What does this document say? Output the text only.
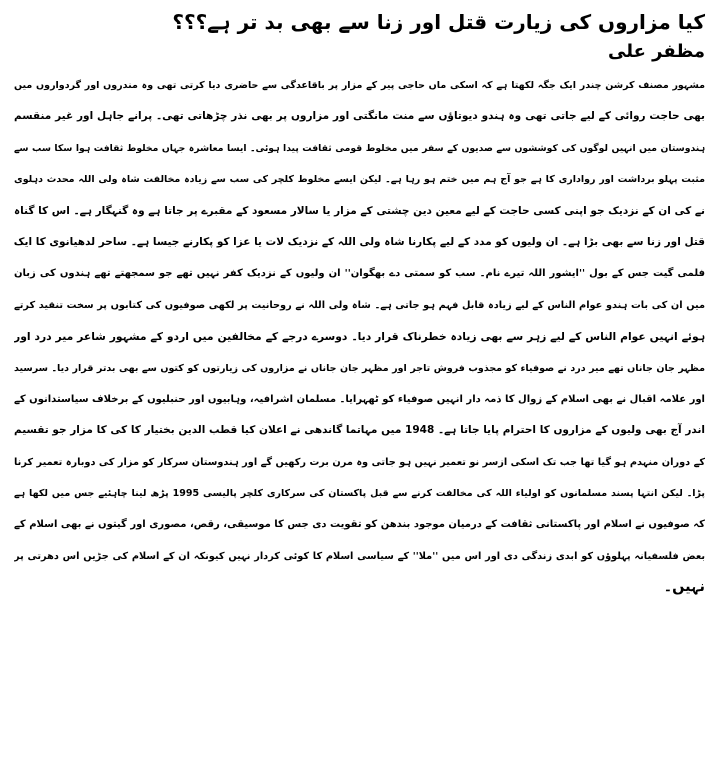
کیا مزاروں کی زیارت قتل اور زنا سے بھی بد تر ہے؟؟؟
مظفر علی
مشہور مصنف کرشن چندر ایک جگہ لکھتا ہے کہ اسکی ماں حاجی پیر کے مزار پر باقاعدگی سے حاضری دیا کرتی تھی وہ مندروں اور گردواروں میں
بھی حاجت روائی کے لیے جاتی تھی وہ ہندو دیوتاؤں سے منت مانگتی اور مزاروں پر بھی نذر چڑھاتی تھی۔ پرانے جاہل اور غیر منقسم
ہندوستان میں انہیں لوگوں کی کوششوں سے صدیوں کے سفر میں مخلوط قومی ثقافت پیدا ہوئی۔ ایسا معاشرہ جہاں مخلوط ثقافت ہوا سکا سب سے
مثبت پہلو برداشت اور رواداری کا ہے جو آج ہم میں ختم ہو رہا ہے۔ لیکن ایسے مخلوط کلچر کی سب سے زیادہ مخالفت شاہ ولی اللہ محدث دہلوی
نے کی ان کے نزدیک جو اپنی کسی حاجت کے لیے معین دین چشتی کے مزار یا سالار مسعود کے مقبرے پر جاتا ہے وہ گنہگار ہے۔ اس کا گناہ
قتل اور زنا سے بھی بڑا ہے۔ ان ولیوں کو مدد کے لیے پکارنا شاہ ولی اللہ کے نزدیک لات یا عزا کو پکارنے جیسا ہے۔ ساحر لدھیانوی کا ایک
فلمی گیت جس کے بول ''ایشور اللہ تیرے نام۔ سب کو سمتی دے بھگوان'' ان ولیوں کے نزدیک کفر نہیں تھے جو سمجھتے تھے ہندوں کی زبان
میں ان کی بات ہندو عوام الناس کے لیے زیادہ قابل فہم ہو جاتی ہے۔ شاہ ولی اللہ نے روحانیت پر لکھی صوفیوں کی کتابوں پر سخت تنقید کرتے
ہوئے انہیں عوام الناس کے لیے زہر سے بھی زیادہ خطرناک قرار دیا۔ دوسرے درجے کے مخالفین میں اردو کے مشہور شاعر میر درد اور
مظہر جان جاناں تھے میر درد نے صوفیاء کو مجذوب فروش تاجر اور مظہر جان جاناں نے مزاروں کی زیارتوں کو کتوں سے بھی بدتر قرار دیا۔ سرسید
اور علامہ اقبال نے بھی اسلام کے زوال کا ذمہ دار انہیں صوفیاء کو ٹھہرایا۔ مسلمان اشرافیہ، وہابیوں اور حنبلیوں کے برخلاف سیاستدانوں کے
اندر آج بھی ولیوں کے مزاروں کا احترام پایا جاتا ہے۔ 1948 میں مہاتما گاندھی نے اعلان کیا قطب الدین بختیار کا کی کا مزار جو تقسیم
کے دوران منہدم ہو گیا تھا جب تک اسکی ازسر نو تعمیر نہیں ہو جاتی وہ مرن برت رکھیں گے اور ہندوستان سرکار کو مزار کی دوبارہ تعمیر کرنا
پڑا۔ لیکن انتہا پسند مسلمانوں کو اولیاء اللہ کی مخالفت کرنے سے قبل پاکستان کی سرکاری کلچر پالیسی 1995 پڑھ لینا چاہئیے جس میں لکھا ہے
کہ صوفیوں نے اسلام اور پاکستانی ثقافت کے درمیان موجود بندھن کو تقویت دی جس کا موسیقی، رقص، مصوری اور گیتوں نے بھی اسلام کے
بعض فلسفیانہ پہلوؤں کو ابدی زندگی دی اور اس میں ''ملا'' کے سیاسی اسلام کا کوئی کردار نہیں کیونکہ ان کے اسلام کی جڑیں اس دھرتی پر
نہیں۔
